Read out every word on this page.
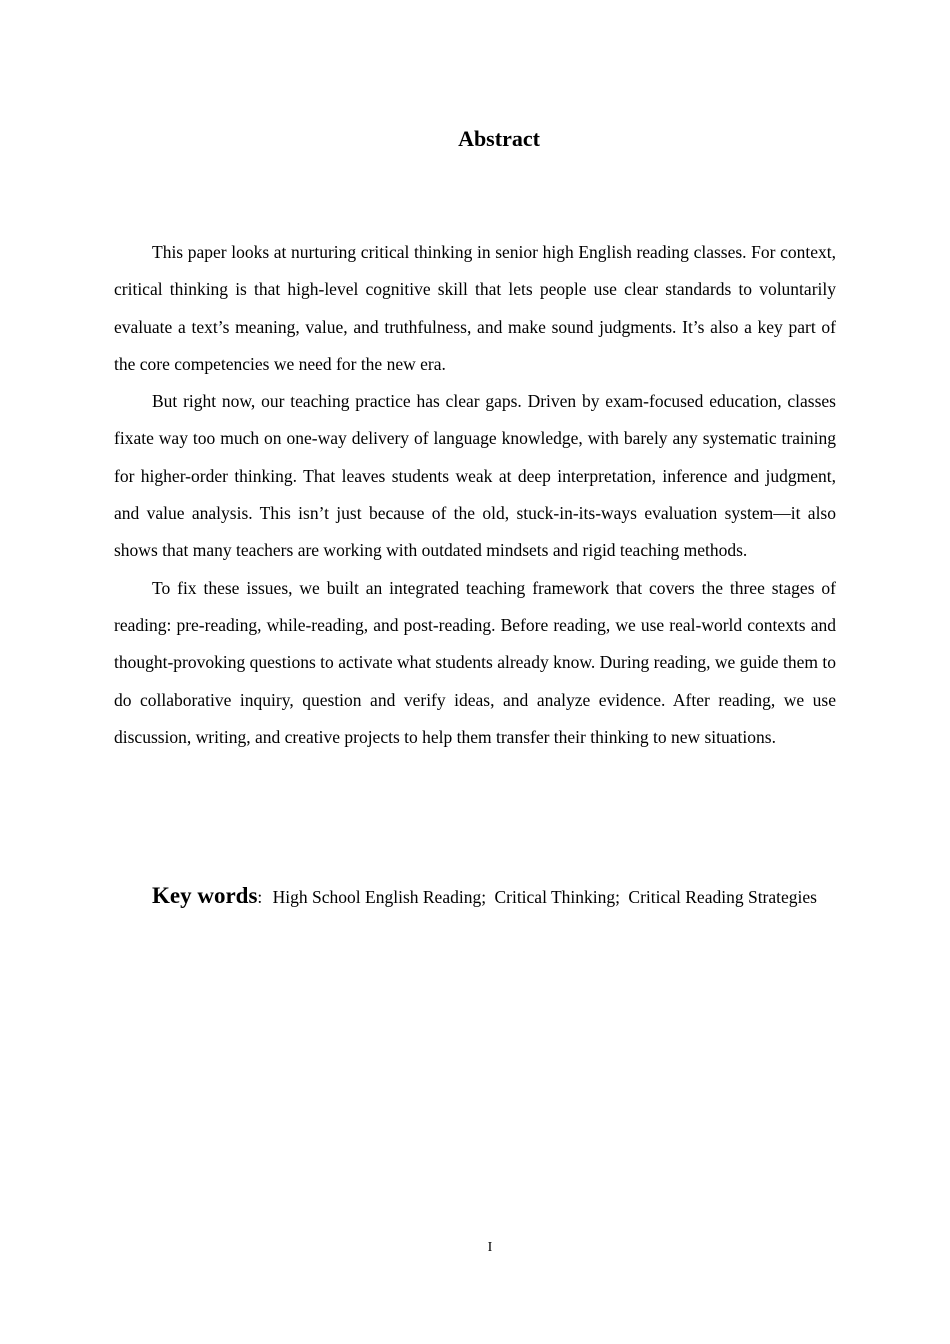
Abstract

This paper looks at nurturing critical thinking in senior high English reading classes. For context, critical thinking is that high-level cognitive skill that lets people use clear standards to voluntarily evaluate a text’s meaning, value, and truthfulness, and make sound judgments. It’s also a key part of the core competencies we need for the new era.

But right now, our teaching practice has clear gaps. Driven by exam-focused education, classes fixate way too much on one-way delivery of language knowledge, with barely any systematic training for higher-order thinking. That leaves students weak at deep interpretation, inference and judgment, and value analysis. This isn’t just because of the old, stuck-in-its-ways evaluation system—it also shows that many teachers are working with outdated mindsets and rigid teaching methods.

To fix these issues, we built an integrated teaching framework that covers the three stages of reading: pre-reading, while-reading, and post-reading. Before reading, we use real-world contexts and thought-provoking questions to activate what students already know. During reading, we guide them to do collaborative inquiry, question and verify ideas, and analyze evidence. After reading, we use discussion, writing, and creative projects to help them transfer their thinking to new situations.

Key words: High School English Reading; Critical Thinking; Critical Reading Strategies

I
